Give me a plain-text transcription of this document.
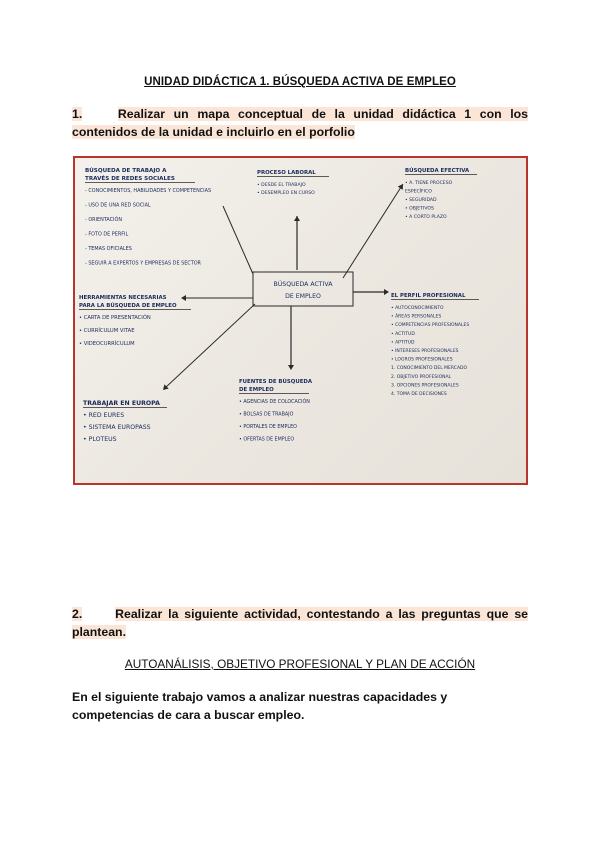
UNIDAD DIDÁCTICA 1. BÚSQUEDA ACTIVA DE EMPLEO
1.	Realizar un mapa conceptual de la unidad didáctica 1 con los contenidos de la unidad e incluirlo en el porfolio
BÚSQUEDA ACTIVA
DE EMPLEO
BÚSQUEDA DE TRABAJO A
TRAVÉS DE REDES SOCIALES
- CONOCIMIENTOS, HABILIDADES Y COMPETENCIAS
- USO DE UNA RED SOCIAL
- ORIENTACIÓN
- FOTO DE PERFIL
- TEMAS OFICIALES
- SEGUIR A EXPERTOS Y EMPRESAS DE SECTOR
PROCESO LABORAL
• DESDE EL TRABAJO
• DESEMPLEO EN CURSO
BÚSQUEDA EFECTIVA
• A. TIENE PROCESO
ESPECÍFICO
• SEGURIDAD
• OBJETIVOS
• A CORTO PLAZO
HERRAMIENTAS NECESARIAS
PARA LA BÚSQUEDA DE EMPLEO
• CARTA DE PRESENTACIÓN
• CURRÍCULUM VITAE
• VIDEOCURRÍCULUM
EL PERFIL PROFESIONAL
• AUTOCONOCIMIENTO
• ÁREAS PERSONALES
• COMPETENCIAS PROFESIONALES
• ACTITUD
• APTITUD
• INTERESES PROFESIONALES
• LOGROS PROFESIONALES
1. CONOCIMIENTO DEL MERCADO
2. OBJETIVO PROFESIONAL
3. OPCIONES PROFESIONALES
4. TOMA DE DECISIONES
TRABAJAR EN EUROPA
• RED EURES
• SISTEMA EUROPASS
• PLOTEUS
FUENTES DE BÚSQUEDA
DE EMPLEO
• AGENCIAS DE COLOCACIÓN
• BOLSAS DE TRABAJO
• PORTALES DE EMPLEO
• OFERTAS DE EMPLEO
2.	Realizar la siguiente actividad, contestando a las preguntas que se plantean.
AUTOANÁLISIS, OBJETIVO PROFESIONAL Y PLAN DE ACCIÓN
En el siguiente trabajo vamos a analizar nuestras capacidades y competencias de cara a buscar empleo.
